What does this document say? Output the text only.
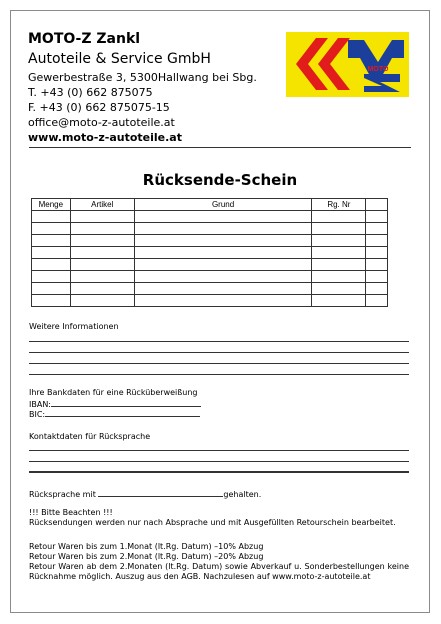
MOTO-Z Zankl
Autoteile & Service GmbH
Gewerbestraße 3, 5300Hallwang bei Sbg.
T. +43 (0) 662 875075
F. +43 (0) 662 875075-15
office@moto-z-autoteile.at
www.moto-z-autoteile.at
MOTO
Rücksende-Schein
Menge	Artikel	Grund	Rg. Nr	

Weitere Informationen
Ihre Bankdaten für eine Rücküberweißung
IBAN:
BIC:
Kontaktdaten für Rücksprache
Rücksprache mit	gehalten.
!!! Bitte Beachten !!!
Rücksendungen werden nur nach Absprache und mit Ausgefüllten Retourschein bearbeitet.
Retour Waren bis zum 1.Monat (lt.Rg. Datum) –10% Abzug
Retour Waren bis zum 2.Monat (lt.Rg. Datum) –20% Abzug
Retour Waren ab dem 2.Monaten (lt.Rg. Datum) sowie Abverkauf u. Sonderbestellungen keine Rücknahme möglich. Auszug aus den AGB. Nachzulesen auf www.moto-z-autoteile.at
